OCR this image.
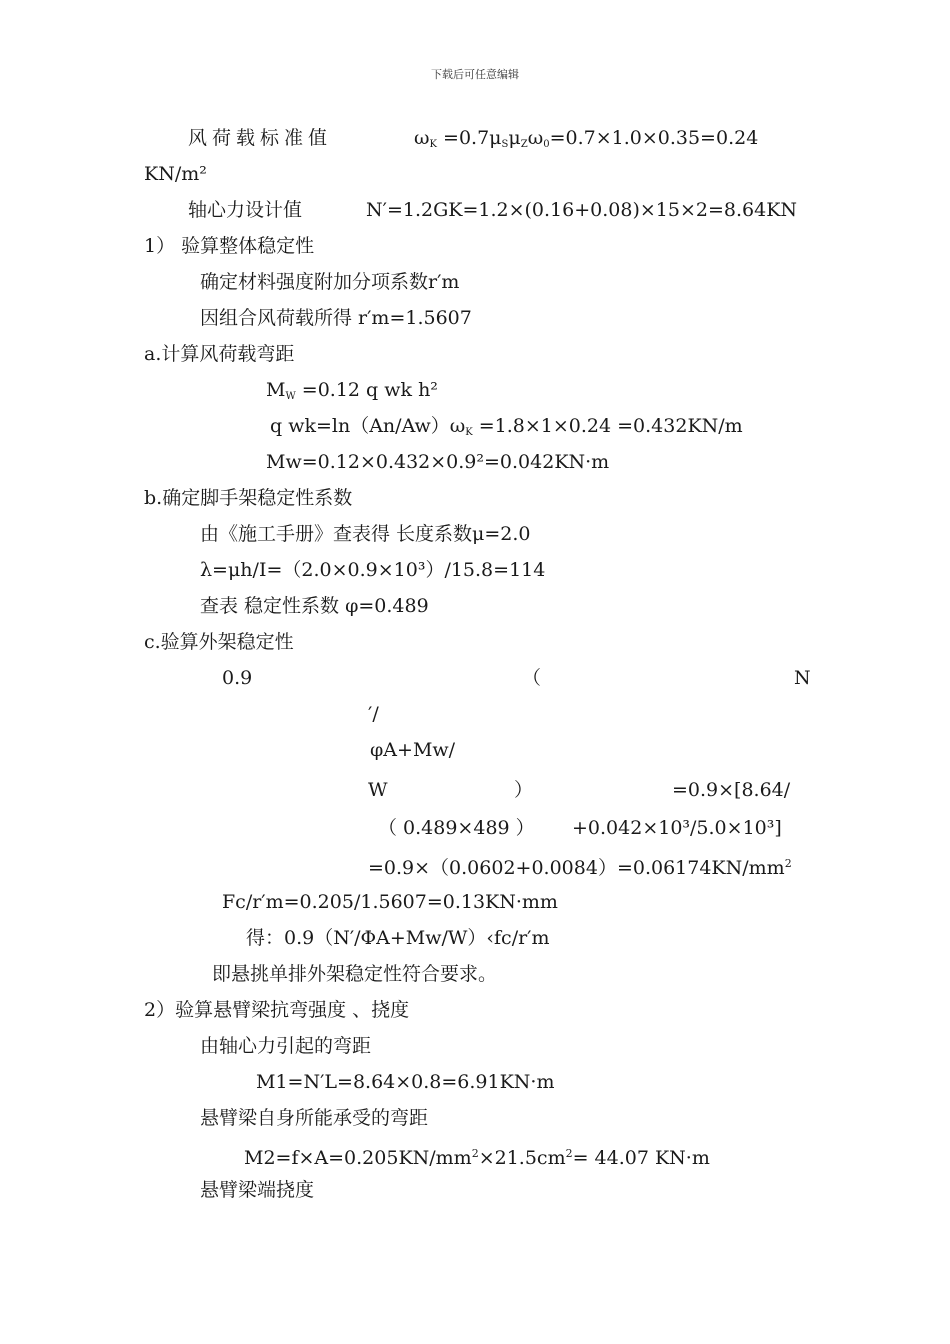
下载后可任意编辑
风荷载标准值	$\omega_K =0.7\mu_S\mu_Z\omega_0=0.7\times 1.0\times 0.35=0.24$
KN/m²
轴心力设计值	N′=1.2GK=1.2×(0.16+0.08)×15×2=8.64KN
1） 验算整体稳定性
确定材料强度附加分项系数r′m
因组合风荷载所得 r′m=1.5607
a.计算风荷载弯距
$M_W =0.12$ q wk h²
q $wk=\ln(An/Aw)\omega_K =1.8\times 1\times 0.24 =0.432KN/m$
Mw=0.12×0.432×0.9²=0.042KN·m
b.确定脚手架稳定性系数
由《施工手册》查表得 长度系数μ=2.0
λ=μh/I=（2.0×0.9×10³）/15.8=114
查表 稳定性系数 φ=0.489
c.验算外架稳定性
0.9	（	N
′/
φA+Mw/
W	）	=0.9×[8.64/
（ 0.489×489 ） +0.042×10³/5.0×10³]
$=0.9\times(0.0602+0.0084)=0.06174KN/mm^2$
Fc/r′m=0.205/1.5607=0.13KN·mm
得：0.9（N′/ΦA+Mw/W）‹fc/r′m
即悬挑单排外架稳定性符合要求。
2）验算悬臂梁抗弯强度 、挠度
由轴心力引起的弯距
M1=N′L=8.64×0.8=6.91KN·m
悬臂梁自身所能承受的弯距
$M2=f\times A=0.205KN/mm^2\times 21.5cm^2= 44.07$ KN·m
悬臂梁端挠度
